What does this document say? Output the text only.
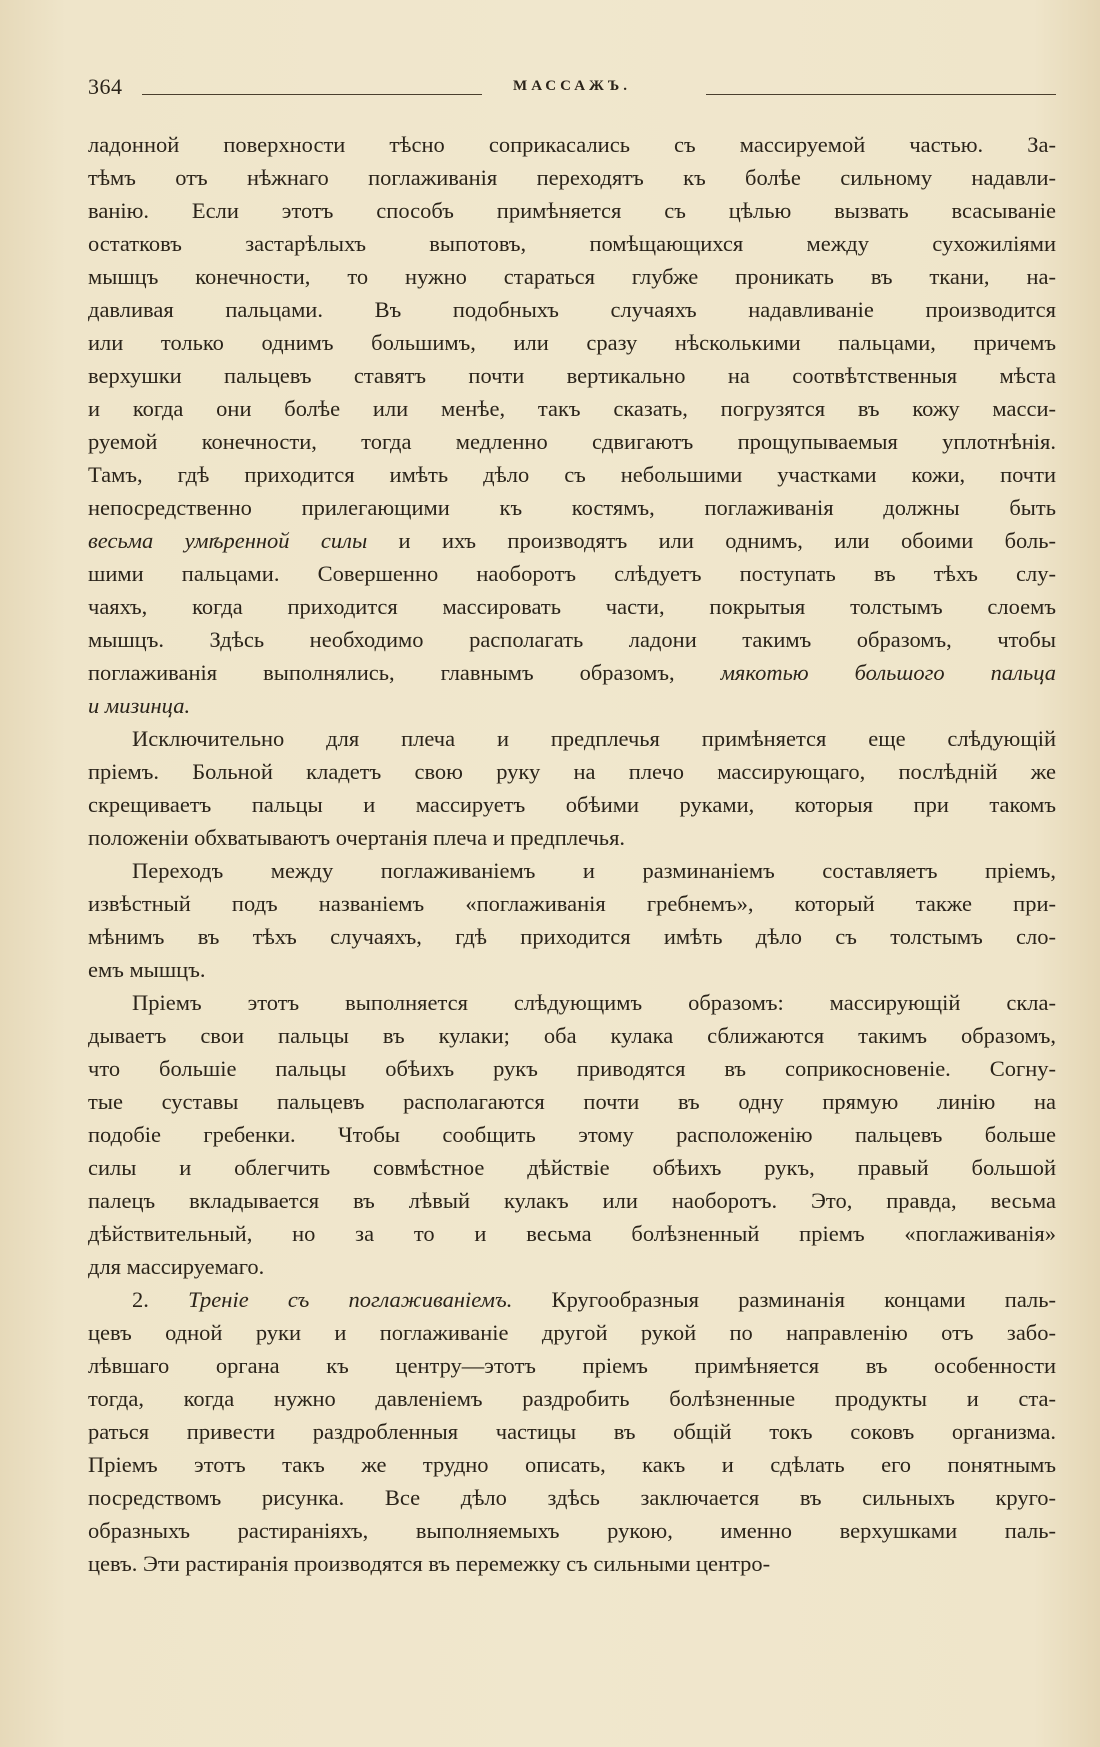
364	МАССАЖЪ.
ладонной поверхности тѣсно соприкасались съ массируемой частью. За-
тѣмъ отъ нѣжнаго поглаживанія переходятъ къ болѣе сильному надавли-
ванію. Если этотъ способъ примѣняется съ цѣлью вызвать всасываніе
остатковъ застарѣлыхъ выпотовъ, помѣщающихся между сухожиліями
мышцъ конечности, то нужно стараться глубже проникать въ ткани, на-
давливая пальцами. Въ подобныхъ случаяхъ надавливаніе производится
или только однимъ большимъ, или сразу нѣсколькими пальцами, причемъ
верхушки пальцевъ ставятъ почти вертикально на соотвѣтственныя мѣста
и когда они болѣе или менѣе, такъ сказать, погрузятся въ кожу масси-
руемой конечности, тогда медленно сдвигаютъ прощупываемыя уплотнѣнія.
Тамъ, гдѣ приходится имѣть дѣло съ небольшими участками кожи, почти
непосредственно прилегающими къ костямъ, поглаживанія должны быть
весьма умѣренной силы и ихъ производятъ или однимъ, или обоими боль-
шими пальцами. Совершенно наоборотъ слѣдуетъ поступать въ тѣхъ слу-
чаяхъ, когда приходится массировать части, покрытыя толстымъ слоемъ
мышцъ. Здѣсь необходимо располагать ладони такимъ образомъ, чтобы
поглаживанія выполнялись, главнымъ образомъ, мякотью большого пальца
и мизинца.
Исключительно для плеча и предплечья примѣняется еще слѣдующій
пріемъ. Больной кладетъ свою руку на плечо массирующаго, послѣдній же
скрещиваетъ пальцы и массируетъ обѣими руками, которыя при такомъ
положеніи обхватываютъ очертанія плеча и предплечья.
Переходъ между поглаживаніемъ и разминаніемъ составляетъ пріемъ,
извѣстный подъ названіемъ «поглаживанія гребнемъ», который также при-
мѣнимъ въ тѣхъ случаяхъ, гдѣ приходится имѣть дѣло съ толстымъ сло-
емъ мышцъ.
Пріемъ этотъ выполняется слѣдующимъ образомъ: массирующій скла-
дываетъ свои пальцы въ кулаки; оба кулака сближаются такимъ образомъ,
что большіе пальцы обѣихъ рукъ приводятся въ соприкосновеніе. Согну-
тые суставы пальцевъ располагаются почти въ одну прямую линію на
подобіе гребенки. Чтобы сообщить этому расположенію пальцевъ больше
силы и облегчить совмѣстное дѣйствіе обѣихъ рукъ, правый большой
палецъ вкладывается въ лѣвый кулакъ или наоборотъ. Это, правда, весьма
дѣйствительный, но за то и весьма болѣзненный пріемъ «поглаживанія»
для массируемаго.
2. Треніе съ поглаживаніемъ. Кругообразныя разминанія концами паль-
цевъ одной руки и поглаживаніе другой рукой по направленію отъ забо-
лѣвшаго органа къ центру—этотъ пріемъ примѣняется въ особенности
тогда, когда нужно давленіемъ раздробить болѣзненные продукты и ста-
раться привести раздробленныя частицы въ общій токъ соковъ организма.
Пріемъ этотъ такъ же трудно описать, какъ и сдѣлать его понятнымъ
посредствомъ рисунка. Все дѣло здѣсь заключается въ сильныхъ круго-
образныхъ растираніяхъ, выполняемыхъ рукою, именно верхушками паль-
цевъ. Эти растиранія производятся въ перемежку съ сильными центро-
